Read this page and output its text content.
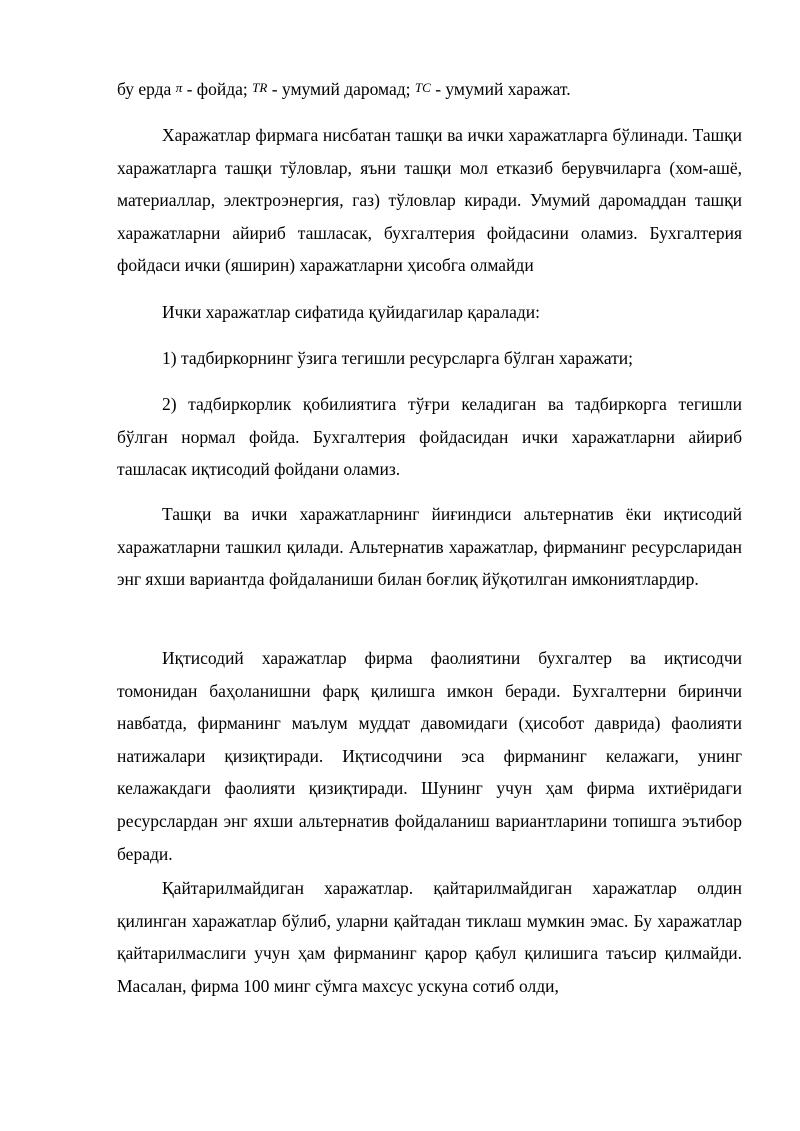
бу ерда π - фойда; TR - умумий даромад; TC - умумий харажат.

Харажатлар фирмага нисбатан ташқи ва ички харажатларга бўлинади. Ташқи харажатларга ташқи тўловлар, яъни ташқи мол етказиб берувчиларга (хом-ашё, материаллар, электроэнергия, газ) тўловлар киради. Умумий даромаддан ташқи харажатларни айириб ташласак, бухгалтерия фойдасини оламиз. Бухгалтерия фойдаси ички (яширин) харажатларни ҳисобга олмайди

Ички харажатлар сифатида қуйидагилар қаралади:

1) тадбиркорнинг ўзига тегишли ресурсларга бўлган харажати;

2) тадбиркорлик қобилиятига тўғри келадиган ва тадбиркорга тегишли бўлган нормал фойда. Бухгалтерия фойдасидан ички харажатларни айириб ташласак иқтисодий фойдани оламиз.

Ташқи ва ички харажатларнинг йиғиндиси альтернатив ёки иқтисодий харажатларни ташкил қилади. Альтернатив харажатлар, фирманинг ресурсларидан энг яхши вариантда фойдаланиши билан боғлиқ йўқотилган имкониятлардир.

Иқтисодий харажатлар фирма фаолиятини бухгалтер ва иқтисодчи томонидан баҳоланишни фарқ қилишга имкон беради. Бухгалтерни биринчи навбатда, фирманинг маълум муддат давомидаги (ҳисобот даврида) фаолияти натижалари қизиқтиради. Иқтисодчини эса фирманинг келажаги, унинг келажакдаги фаолияти қизиқтиради. Шунинг учун ҳам фирма ихтиёридаги ресурслардан энг яхши альтернатив фойдаланиш вариантларини топишга эътибор беради.

Қайтарилмайдиган харажатлар. қайтарилмайдиган харажатлар олдин қилинган харажатлар бўлиб, уларни қайтадан тиклаш мумкин эмас. Бу харажатлар қайтарилмаслиги учун ҳам фирманинг қарор қабул қилишига таъсир қилмайди. Масалан, фирма 100 минг сўмга махсус ускуна сотиб олди,
